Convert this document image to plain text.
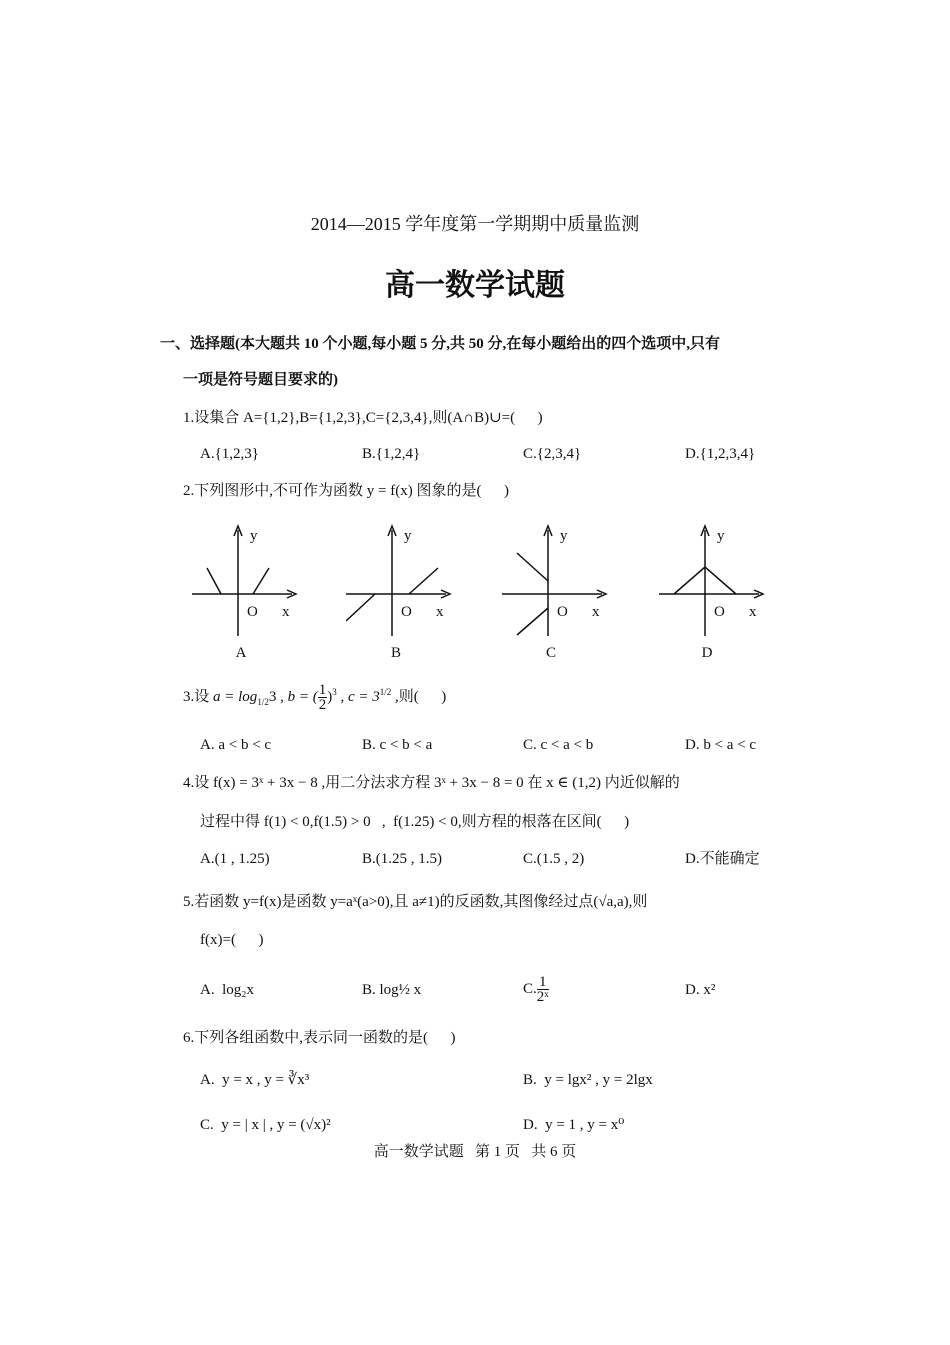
2014—2015 学年度第一学期期中质量监测
高一数学试题
一、选择题(本大题共 10 个小题,每小题 5 分,共 50 分,在每小题给出的四个选项中,只有
一项是符号题目要求的)
1.设集合 A={1,2},B={1,2,3},C={2,3,4},则(A∩B)∪=(      )
A.{1,2,3}	B.{1,2,4}	C.{2,3,4}	D.{1,2,3,4}
2.下列图形中,不可作为函数 y = f(x) 图象的是(      )
y
O x
y
O x
y
O x
y
O x
A	B	C	D
3.设 $a = \log_{1/2}3$ , b = ( $\frac{1}{2} )^3$ , $c = 3^{1/2}$ ,则(      )
A. a < b < c	B. c < b < a	C. c < a < b	D. b < a < c
4.设 f(x) = 3ˣ + 3x − 8 ,用二分法求方程 3ˣ + 3x − 8 = 0 在 x ∈ (1,2) 内近似解的
过程中得 f(1) < 0,f(1.5) > 0   ,  f(1.25) < 0,则方程的根落在区间(      )
A.(1 , 1.25)	B.(1.25 , 1.5)	C.(1.5 , 2)	D.不能确定
5.若函数 y=f(x)是函数 y=aˣ(a>0),且 a≠1)的反函数,其图像经过点(√a,a),则
f(x)=(      )
A.  log₂x	B. log½ x	C. $\frac{1}{\text{2ˣ}}$	D. x²
6.下列各组函数中,表示同一函数的是(      )
A.  y = x , y = ∛x³	B.  y = lgx² , y = 2lgx
C.  y = | x | , y = (√x)²	D.  y = 1 , y = x⁰
高一数学试题   第 1 页   共 6 页
